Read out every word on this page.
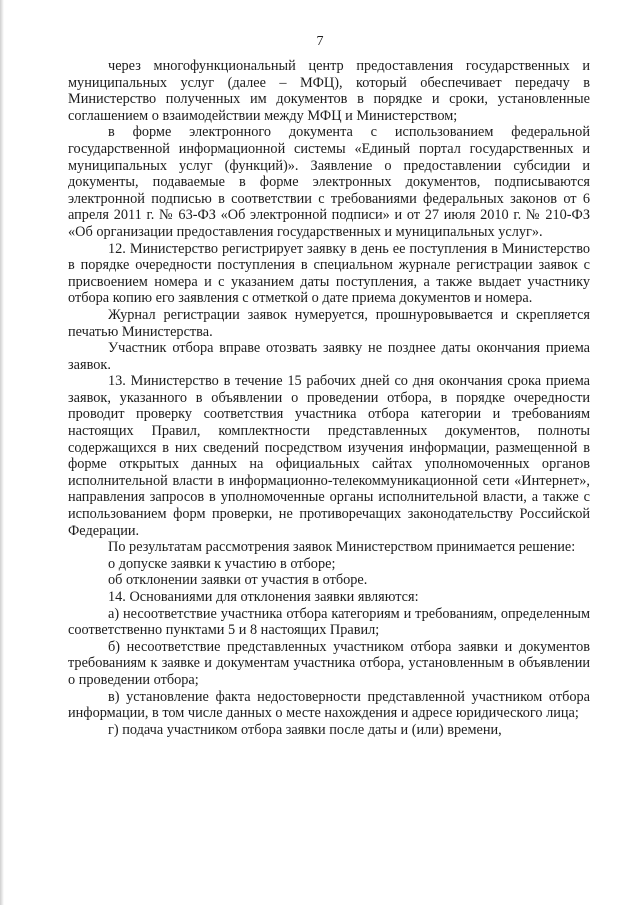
7

через многофункциональный центр предоставления государственных и муниципальных услуг (далее – МФЦ), который обеспечивает передачу в Министерство полученных им документов в порядке и сроки, установленные соглашением о взаимодействии между МФЦ и Министерством;

в форме электронного документа с использованием федеральной государственной информационной системы «Единый портал государственных и муниципальных услуг (функций)». Заявление о предоставлении субсидии и документы, подаваемые в форме электронных документов, подписываются электронной подписью в соответствии с требованиями федеральных законов от 6 апреля 2011 г. № 63-ФЗ «Об электронной подписи» и от 27 июля 2010 г. № 210-ФЗ «Об организации предоставления государственных и муниципальных услуг».

12. Министерство регистрирует заявку в день ее поступления в Министерство в порядке очередности поступления в специальном журнале регистрации заявок с присвоением номера и с указанием даты поступления, а также выдает участнику отбора копию его заявления с отметкой о дате приема документов и номера.

Журнал регистрации заявок нумеруется, прошнуровывается и скрепляется печатью Министерства.

Участник отбора вправе отозвать заявку не позднее даты окончания приема заявок.

13. Министерство в течение 15 рабочих дней со дня окончания срока приема заявок, указанного в объявлении о проведении отбора, в порядке очередности проводит проверку соответствия участника отбора категории и требованиям настоящих Правил, комплектности представленных документов, полноты содержащихся в них сведений посредством изучения информации, размещенной в форме открытых данных на официальных сайтах уполномоченных органов исполнительной власти в информационно-телекоммуникационной сети «Интернет», направления запросов в уполномоченные органы исполнительной власти, а также с использованием форм проверки, не противоречащих законодательству Российской Федерации.

По результатам рассмотрения заявок Министерством принимается решение:

о допуске заявки к участию в отборе;

об отклонении заявки от участия в отборе.

14. Основаниями для отклонения заявки являются:

а) несоответствие участника отбора категориям и требованиям, определенным соответственно пунктами 5 и 8 настоящих Правил;

б) несоответствие представленных участником отбора заявки и документов требованиям к заявке и документам участника отбора, установленным в объявлении о проведении отбора;

в) установление факта недостоверности представленной участником отбора информации, в том числе данных о месте нахождения и адресе юридического лица;

г) подача участником отбора заявки после даты и (или) времени,
